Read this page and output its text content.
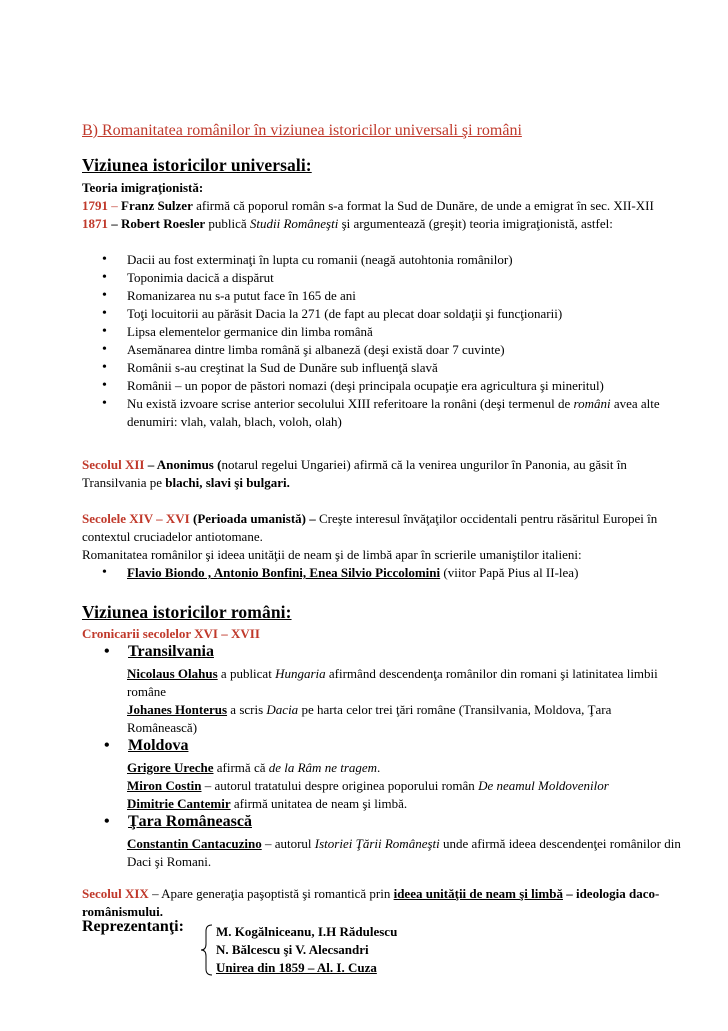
B) Romanitatea românilor în viziunea istoricilor universali şi români
Viziunea istoricilor universali:
Teoria imigraţionistă:
1791 – Franz Sulzer afirmă că poporul român s-a format la Sud de Dunăre, de unde a emigrat în sec. XII-XII
1871 – Robert Roesler publică Studii Româneşti şi argumentează (greşit) teoria imigraţionistă, astfel:
• Dacii au fost exterminaţi în lupta cu romanii (neagă autohtonia românilor)
• Toponimia dacică a dispărut
• Romanizarea nu s-a putut face în 165 de ani
• Toţi locuitorii au părăsit Dacia la 271 (de fapt au plecat doar soldaţii şi funcţionarii)
• Lipsa elementelor germanice din limba română
• Asemănarea dintre limba română şi albaneză (deşi există doar 7 cuvinte)
• Românii s-au creştinat la Sud de Dunăre sub influenţă slavă
• Românii – un popor de păstori nomazi (deşi principala ocupaţie era agricultura şi mineritul)
• Nu există izvoare scrise anterior secolului XIII referitoare la ronâni (deşi termenul de români avea alte denumiri: vlah, valah, blach, voloh, olah)
Secolul XII – Anonimus (notarul regelui Ungariei) afirmă că la venirea ungurilor în Panonia, au găsit în Transilvania pe blachi, slavi şi bulgari.
Secolele XIV – XVI (Perioada umanistă) – Creşte interesul învăţaţilor occidentali pentru răsăritul Europei în contextul cruciadelor antiotomane.
Romanitatea românilor şi ideea unităţii de neam şi de limbă apar în scrierile umaniştilor italieni:
• Flavio Biondo , Antonio Bonfini, Enea Silvio Piccolomini (viitor Papă Pius al II-lea)
Viziunea istoricilor români:
Cronicarii secolelor XVI – XVII
• Transilvania
Nicolaus Olahus a publicat Hungaria afirmând descendenţa românilor din romani şi latinitatea limbii române
Johanes Honterus a scris Dacia pe harta celor trei ţări române (Transilvania, Moldova, Ţara Românească)
• Moldova
Grigore Ureche afirmă că de la Râm ne tragem.
Miron Costin – autorul tratatului despre originea poporului român De neamul Moldovenilor
Dimitrie Cantemir afirmă unitatea de neam şi limbă.
• Ţara Românească
Constantin Cantacuzino – autorul Istoriei Ţării Româneşti unde afirmă ideea descendenţei românilor din Daci şi Romani.
Secolul XIX – Apare generaţia paşoptistă şi romantică prin ideea unităţii de neam şi limbă – ideologia daco-românismului.
Reprezentanţi: M. Kogălniceanu, I.H Rădulescu
N. Bălcescu şi V. Alecsandri
Unirea din 1859 – Al. I. Cuza
